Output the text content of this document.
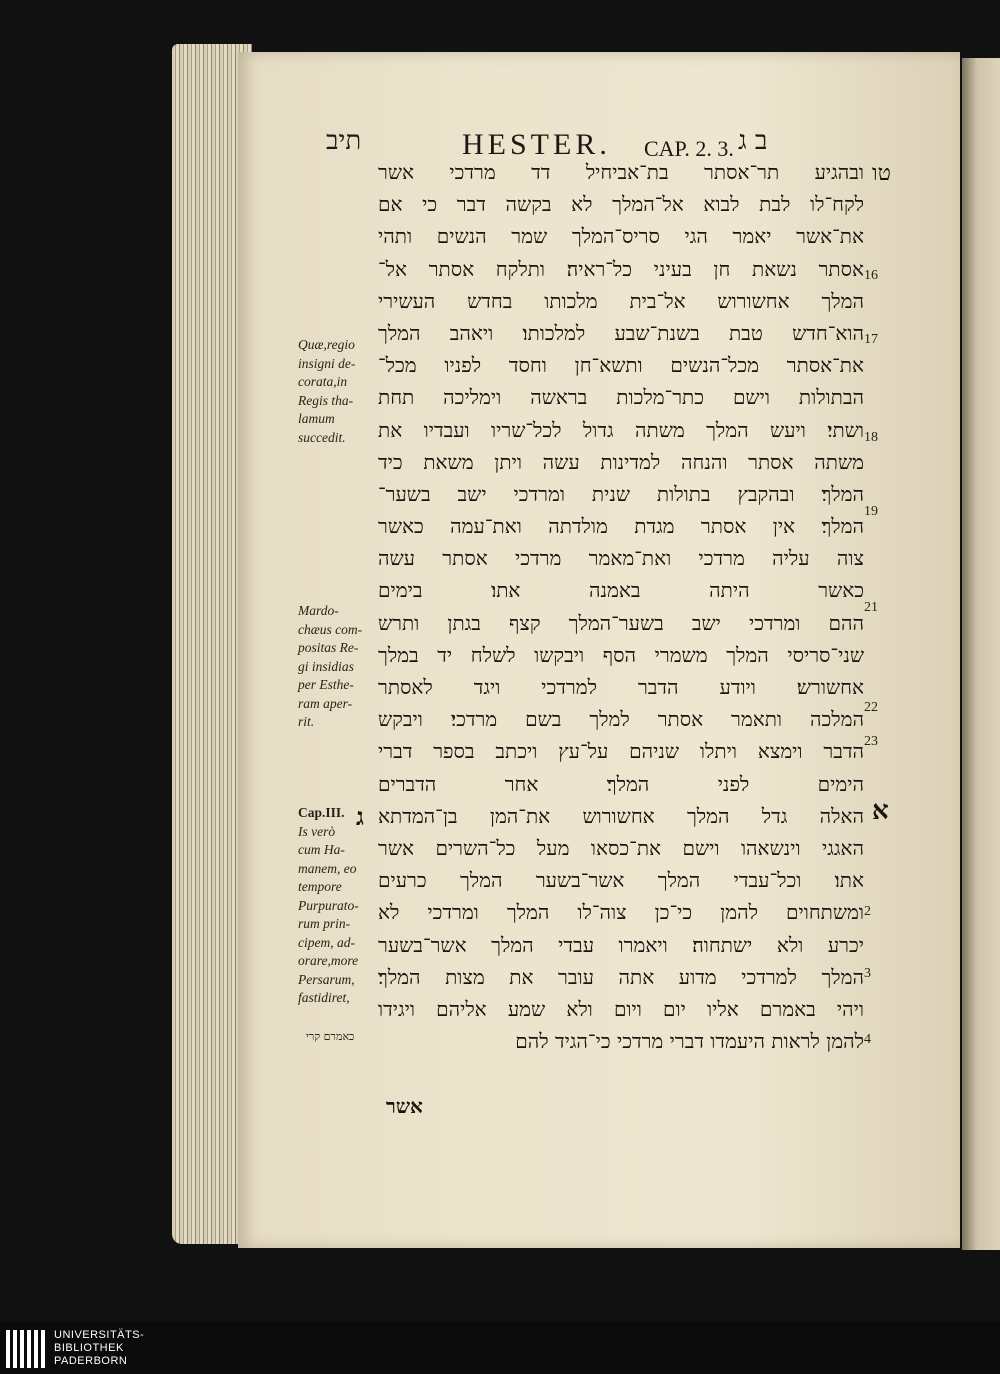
תיב	HESTER. CAP. 2. 3. ב ג
טו
ובהגיע תר־אסתר בת־אביחיל דד מרדכי אשר
לקח־לו לבת לבוא אל־המלך לא בקשה דבר כי אם
את־אשר יאמר הגי סריס־המלך שמר הנשים ותהי
אסתר נשאת חן בעיני כל־ראיה׃ ותלקח אסתר אל־
המלך אחשורוש אל־בית מלכותו בחדש העשירי
הוא־חדש טבת בשנת־שבע למלכותו׃ ויאהב המלך
את־אסתר מכל־הנשים ותשא־חן וחסד לפניו מכל־
הבתולות וישם כתר־מלכות בראשה וימליכה תחת
ושתי׃ ויעש המלך משתה גדול לכל־שריו ועבדיו את
משתה אסתר והנחה למדינות עשה ויתן משאת כיד
המלך׃ ובהקבץ בתולות שנית ומרדכי ישב בשער־
המלך׃ אין אסתר מגדת מולדתה ואת־עמה כאשר
צוה עליה מרדכי ואת־מאמר מרדכי אסתר עשה
כאשר היתה באמנה אתו׃ בימים
ההם ומרדכי ישב בשער־המלך קצף בגתן ותרש
שני־סריסי המלך משמרי הסף ויבקשו לשלח יד במלך
אחשורש׃ ויודע הדבר למרדכי ויגד לאסתר
המלכה ותאמר אסתר למלך בשם מרדכי׃ ויבקש
הדבר וימצא ויתלו שניהם על־עץ ויכתב בספר דברי
הימים לפני המלך׃ אחר הדברים
האלה גדל המלך אחשורוש את־המן בן־המדתא
האגגי וינשאהו וישם את־כסאו מעל כל־השרים אשר
אתו׃ וכל־עבדי המלך אשר־בשער המלך כרעים
ומשתחוים להמן כי־כן צוה־לו המלך ומרדכי לא
יכרע ולא ישתחוה׃ ויאמרו עבדי המלך אשר־בשער
המלך למרדכי מדוע אתה עובר את מצות המלך׃
ויהי באמרם אליו יום ויום ולא שמע אליהם ויגידו
להמן לראות היעמדו דברי מרדכי כי־הגיד להם
16
17
18
19
21
22
23
2
3
4
א
ג
Quæ,regio
insigni de-
corata,in
Regis tha-
lamum
succedit.
Mardo-
chæus com-
positas Re-
gi insidias
per Esthe-
ram aper-
rit.
Cap.III.
Is verò
cum Ha-
manem, eo
tempore
Purpurato-
rum prin-
cipem, ad-
orare,more
Persarum,
fastidiret,
כאמרם קרי
אשר
UNIVERSITÄTS-
BIBLIOTHEK
PADERBORN
